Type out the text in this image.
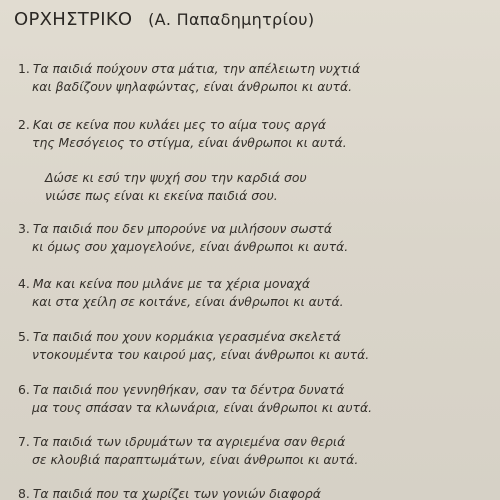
ΟΡΧΗΣΤΡΙΚΟ (Α. Παπαδημητρίου)
1. Τα παιδιά πούχουν στα μάτια, την απέλειωτη νυχτιά
και βαδίζουν ψηλαφώντας, είναι άνθρωποι κι αυτά.
2. Και σε κείνα που κυλάει μες το αίμα τους αργά
της Μεσόγειος το στίγμα, είναι άνθρωποι κι αυτά.
Δώσε κι εσύ την ψυχή σου την καρδιά σου
νιώσε πως είναι κι εκείνα παιδιά σου.
3. Τα παιδιά που δεν μπορούνε να μιλήσουν σωστά
κι όμως σου χαμογελούνε, είναι άνθρωποι κι αυτά.
4. Μα και κείνα που μιλάνε με τα χέρια μοναχά
και στα χείλη σε κοιτάνε, είναι άνθρωποι κι αυτά.
5. Τα παιδιά που χουν κορμάκια γερασμένα σκελετά
ντοκουμέντα του καιρού μας, είναι άνθρωποι κι αυτά.
6. Τα παιδιά που γεννηθήκαν, σαν τα δέντρα δυνατά
μα τους σπάσαν τα κλωνάρια, είναι άνθρωποι κι αυτά.
7. Τα παιδιά των ιδρυμάτων τα αγριεμένα σαν θεριά
σε κλουβιά παραπτωμάτων, είναι άνθρωποι κι αυτά.
8. Τα παιδιά που τα χωρίζει των γονιών διαφορά
